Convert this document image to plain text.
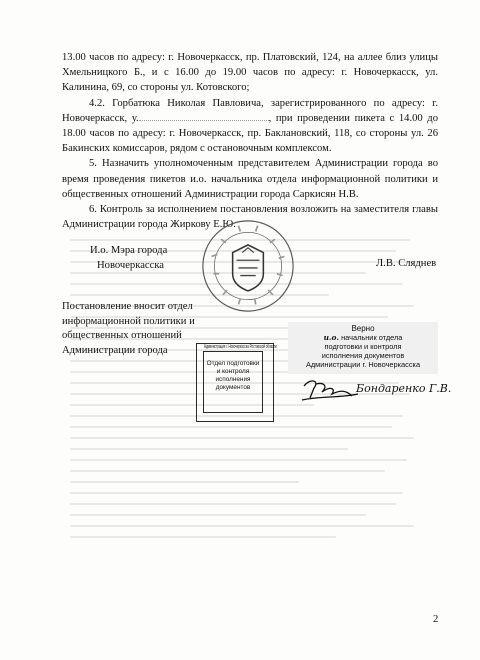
13.00 часов по адресу: г. Новочеркасск, пр. Платовский, 124, на аллее близ улицы Хмельницкого Б., и с 16.00 до 19.00 часов по адресу: г. Новочеркасск, ул. Калинина, 69, со стороны ул. Котовского;

4.2. Горбатюка Николая Павловича, зарегистрированного по адресу: г. Новочеркасск, у.	, при проведении пикета с 14.00 до 18.00 часов по адресу: г. Новочеркасск, пр. Баклановский, 118, со стороны ул. 26 Бакинских комиссаров, рядом с остановочным комплексом.

5. Назначить уполномоченным представителем Администрации города во время проведения пикетов и.о. начальника отдела информационной политики и общественных отношений Администрации города Саркисян Н.В.

6. Контроль за исполнением постановления возложить на заместителя главы Администрации города Жиркову Е.Ю.

И.о. Мэра города
Новочеркасска	Л.В. Сляднев
Постановление вносит отдел информационной политики и общественных отношений Администрации города
Отдел подготовки и контроля исполнения документов
Администрация г. Новочеркасска Ростовской области
Верно
и.о. начальник отдела
подготовки и контроля
исполнения документов
Администрации г. Новочеркасска
Бондаренко Г.В.
2
